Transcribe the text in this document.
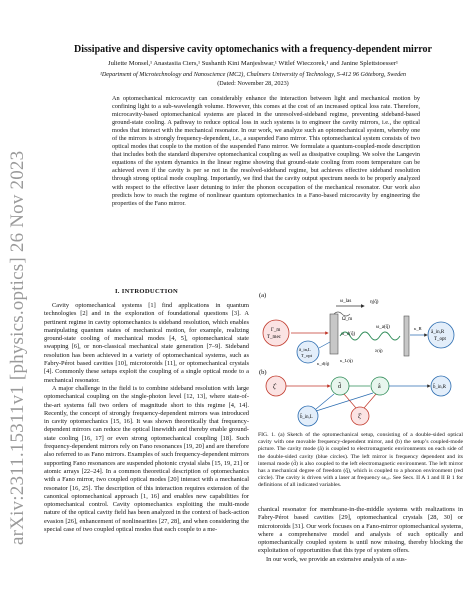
arXiv:2311.15311v1 [physics.optics] 26 Nov 2023
Dissipative and dispersive cavity optomechanics with a frequency-dependent mirror
Juliette Monsel,¹ Anastasiia Ciers,¹ Sushanth Kini Manjeshwar,¹ Witlef Wieczorek,¹ and Janine Splettstoesser¹
¹Department of Microtechnology and Nanoscience (MC2), Chalmers University of Technology, S-412 96 Göteborg, Sweden
(Dated: November 28, 2023)
An optomechanical microcavity can considerably enhance the interaction between light and mechanical motion by confining light to a sub-wavelength volume. However, this comes at the cost of an increased optical loss rate. Therefore, microcavity-based optomechanical systems are placed in the unresolved-sideband regime, preventing sideband-based ground-state cooling. A pathway to reduce optical loss in such systems is to engineer the cavity mirrors, i.e., the optical modes that interact with the mechanical resonator. In our work, we analyze such an optomechanical system, whereby one of the mirrors is strongly frequency-dependent, i.e., a suspended Fano mirror. This optomechanical system consists of two optical modes that couple to the motion of the suspended Fano mirror. We formulate a quantum-coupled-mode description that includes both the standard dispersive optomechanical coupling as well as dissipative coupling. We solve the Langevin equations of the system dynamics in the linear regime showing that ground-state cooling from room temperature can be achieved even if the cavity is per se not in the resolved-sideband regime, but achieves effective sideband resolution through strong optical mode coupling. Importantly, we find that the cavity output spectrum needs to be properly analyzed with respect to the effective laser detuning to infer the phonon occupation of the mechanical resonator. Our work also predicts how to reach the regime of nonlinear quantum optomechanics in a Fano-based microcavity by engineering the properties of the Fano mirror.
I. INTRODUCTION

Cavity optomechanical systems [1] find applications in quantum technologies [2] and in the exploration of foundational questions [3]. A pertinent regime in cavity optomechanics is sideband resolution, which enables manipulating quantum states of mechanical motion, for example, realizing ground-state cooling of mechanical modes [4, 5], optomechanical state swapping [6], or non-classical mechanical state generation [7–9]. Sideband resolution has been achieved in a variety of optomechanical systems, such as Fabry-Pérot based cavities [10], microtoroids [11], or optomechanical crystals [4]. Commonly these setups exploit the coupling of a single optical mode to a mechanical resonator.

A major challenge in the field is to combine sideband resolution with large optomechanical coupling on the single-photon level [12, 13], where state-of-the-art systems fall two orders of magnitude short to this regime [4, 14]. Recently, the concept of strongly frequency-dependent mirrors was introduced in cavity optomechanics [15, 16]. It was shown theoretically that frequency-dependent mirrors can reduce the optical linewidth and thereby enable ground-state cooling [16, 17] or even strong optomechanical coupling [18]. Such frequency-dependent mirrors rely on Fano resonances [19, 20] and are therefore also referred to as Fano mirrors. Examples of such frequency-dependent mirrors supporting Fano resonances are suspended photonic crystal slabs [15, 19, 21] or atomic arrays [22–24]. In a common theoretical description of optomechanics with a Fano mirror, two coupled optical modes [20] interact with a mechanical resonator [16, 25]. The description of this interaction requires extension of the canonical optomechanical approach [1, 16] and enables new capabilities for optomechanical control. Cavity optomechanics exploiting the multi-mode nature of the optical cavity field has been analyzed in the context of back-action evasion [26], enhancement of nonlinearities [27, 28], and when considering the special case of two coupled optical modes that each couple to a me-

(a)
Γ_m
T_mec
â_in,R
T_opt
â_in,L
T_opt
ω_las	η(q̂)
Ω_m
ω_d(q̂)
ω_a(q̂)
κ_d(q̂)
κ_L(q̂)
κ_R
λ(q̂)
(b)
d̂	â	b̂_in,R
ζ̂
b̂_in,L	ξ̂
FIG. 1. (a) Sketch of the optomechanical setup, consisting of a double-sided optical cavity with one movable frequency-dependent mirror, and (b) the setup’s coupled-mode picture. The cavity mode (â) is coupled to electromagnetic environments on each side of the double-sided cavity (blue circles). The left mirror is frequency dependent and its internal mode (d̂) is also coupled to the left electromagnetic environment. The left mirror has a mechanical degree of freedom (q̂), which is coupled to a phonon environment (red circle). The cavity is driven with a laser at frequency ωₗₐₛ. See Secs. II A 1 and II B 1 for definitions of all indicated variables.

chanical resonator for membrane-in-the-middle systems with realizations in Fabry-Pérot based cavities [29], optomechanical crystals [28, 30] or microtoroids [31]. Our work focuses on a Fano-mirror optomechanical systems, where a comprehensive model and analysis of such optically and optomechanically coupled system is until now missing, thereby blocking the exploitation of opportunities that this type of system offers.

In our work, we provide an extensive analysis of a sus-
